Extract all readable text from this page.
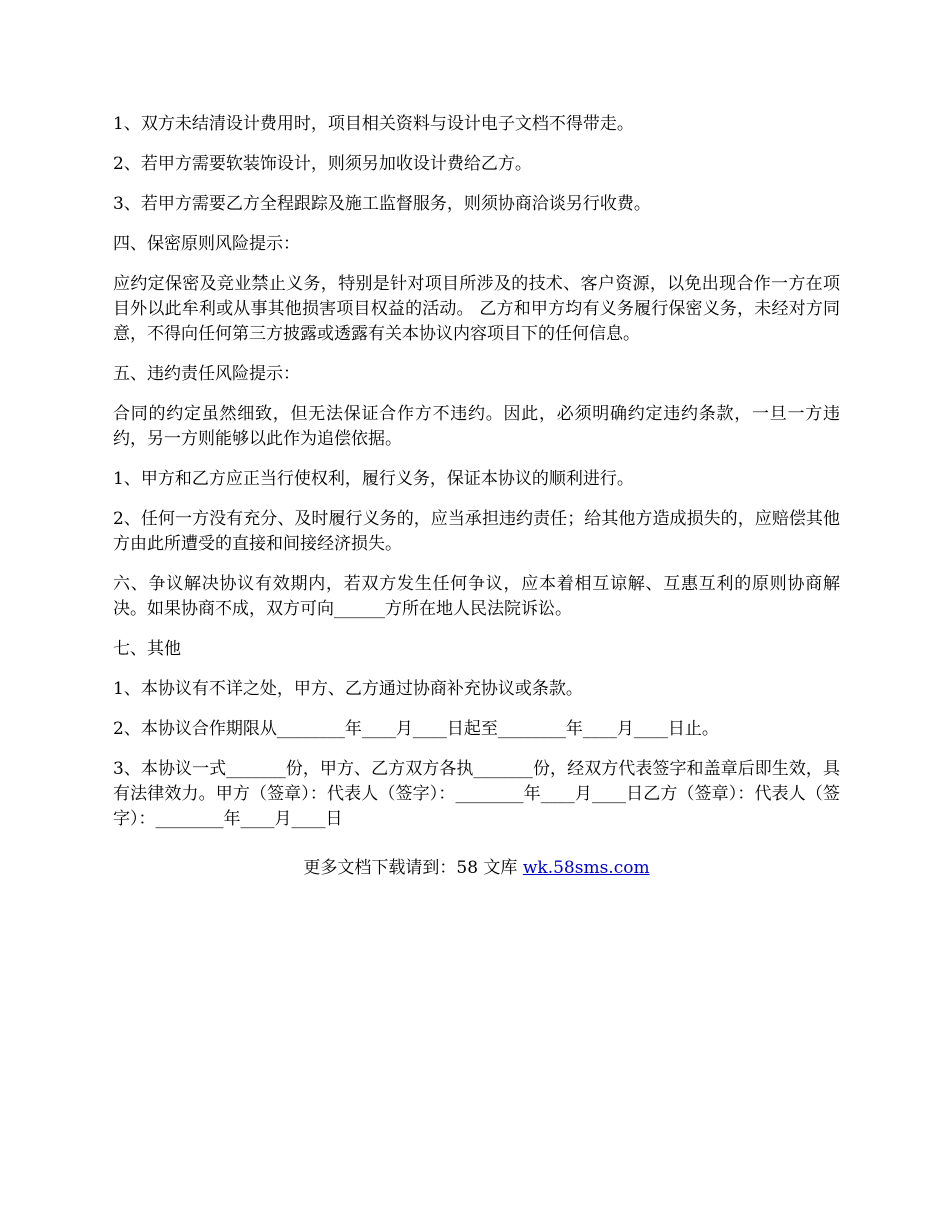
1、双方未结清设计费用时，项目相关资料与设计电子文档不得带走。

2、若甲方需要软装饰设计，则须另加收设计费给乙方。

3、若甲方需要乙方全程跟踪及施工监督服务，则须协商洽谈另行收费。

四、保密原则风险提示：

应约定保密及竞业禁止义务，特别是针对项目所涉及的技术、客户资源，以免出现合作一方在项目外以此牟利或从事其他损害项目权益的活动。 乙方和甲方均有义务履行保密义务，未经对方同意，不得向任何第三方披露或透露有关本协议内容项目下的任何信息。

五、违约责任风险提示：

合同的约定虽然细致，但无法保证合作方不违约。因此，必须明确约定违约条款，一旦一方违约，另一方则能够以此作为追偿依据。

1、甲方和乙方应正当行使权利，履行义务，保证本协议的顺利进行。

2、任何一方没有充分、及时履行义务的，应当承担违约责任；给其他方造成损失的，应赔偿其他方由此所遭受的直接和间接经济损失。

六、争议解决协议有效期内，若双方发生任何争议，应本着相互谅解、互惠互利的原则协商解决。如果协商不成，双方可向______方所在地人民法院诉讼。

七、其他

1、本协议有不详之处，甲方、乙方通过协商补充协议或条款。

2、本协议合作期限从________年____月____日起至________年____月____日止。

3、本协议一式_______份，甲方、乙方双方各执_______份，经双方代表签字和盖章后即生效，具有法律效力。甲方（签章）：代表人（签字）：________年____月____日乙方（签章）：代表人（签字）：________年____月____日

更多文档下载请到：58 文库 wk.58sms.com
